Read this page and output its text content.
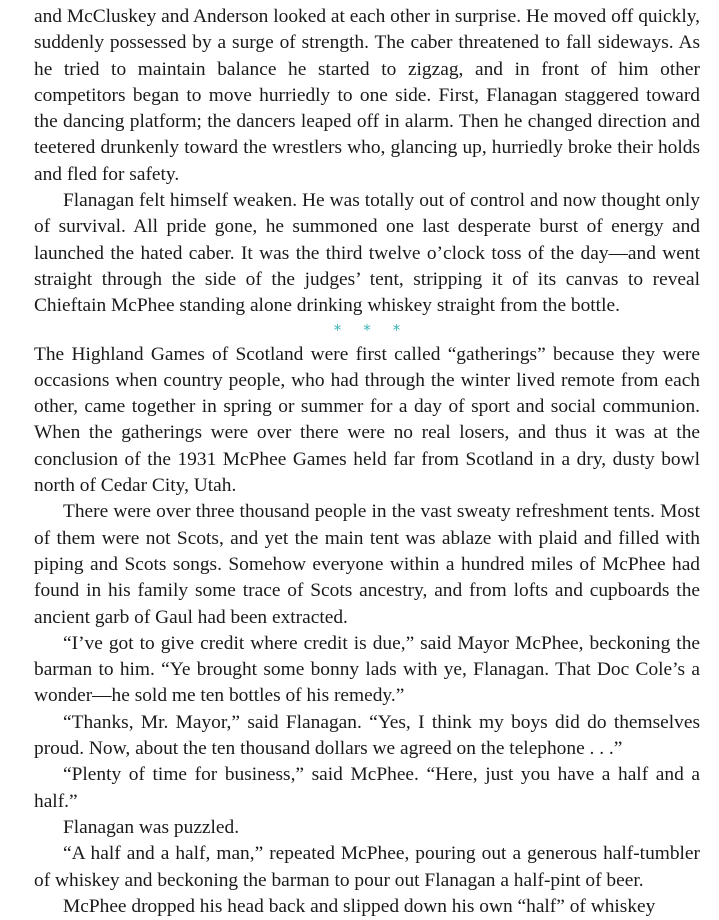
and McCluskey and Anderson looked at each other in surprise. He moved off quickly, suddenly possessed by a surge of strength. The caber threatened to fall sideways. As he tried to maintain balance he started to zigzag, and in front of him other competitors began to move hurriedly to one side. First, Flanagan staggered toward the dancing platform; the dancers leaped off in alarm. Then he changed direction and teetered drunkenly toward the wrestlers who, glancing up, hurriedly broke their holds and fled for safety.

Flanagan felt himself weaken. He was totally out of control and now thought only of survival. All pride gone, he summoned one last desperate burst of energy and launched the hated caber. It was the third twelve o’clock toss of the day—and went straight through the side of the judges’ tent, stripping it of its canvas to reveal Chieftain McPhee standing alone drinking whiskey straight from the bottle.

* * *

The Highland Games of Scotland were first called “gatherings” because they were occasions when country people, who had through the winter lived remote from each other, came together in spring or summer for a day of sport and social communion. When the gatherings were over there were no real losers, and thus it was at the conclusion of the 1931 McPhee Games held far from Scotland in a dry, dusty bowl north of Cedar City, Utah.

There were over three thousand people in the vast sweaty refreshment tents. Most of them were not Scots, and yet the main tent was ablaze with plaid and filled with piping and Scots songs. Somehow everyone within a hundred miles of McPhee had found in his family some trace of Scots ancestry, and from lofts and cupboards the ancient garb of Gaul had been extracted.

“I’ve got to give credit where credit is due,” said Mayor McPhee, beckoning the barman to him. “Ye brought some bonny lads with ye, Flanagan. That Doc Cole’s a wonder—he sold me ten bottles of his remedy.”

“Thanks, Mr. Mayor,” said Flanagan. “Yes, I think my boys did do themselves proud. Now, about the ten thousand dollars we agreed on the telephone . . .”

“Plenty of time for business,” said McPhee. “Here, just you have a half and a half.”

Flanagan was puzzled.

“A half and a half, man,” repeated McPhee, pouring out a generous half-tumbler of whiskey and beckoning the barman to pour out Flanagan a half-pint of beer.

McPhee dropped his head back and slipped down his own “half” of whiskey
